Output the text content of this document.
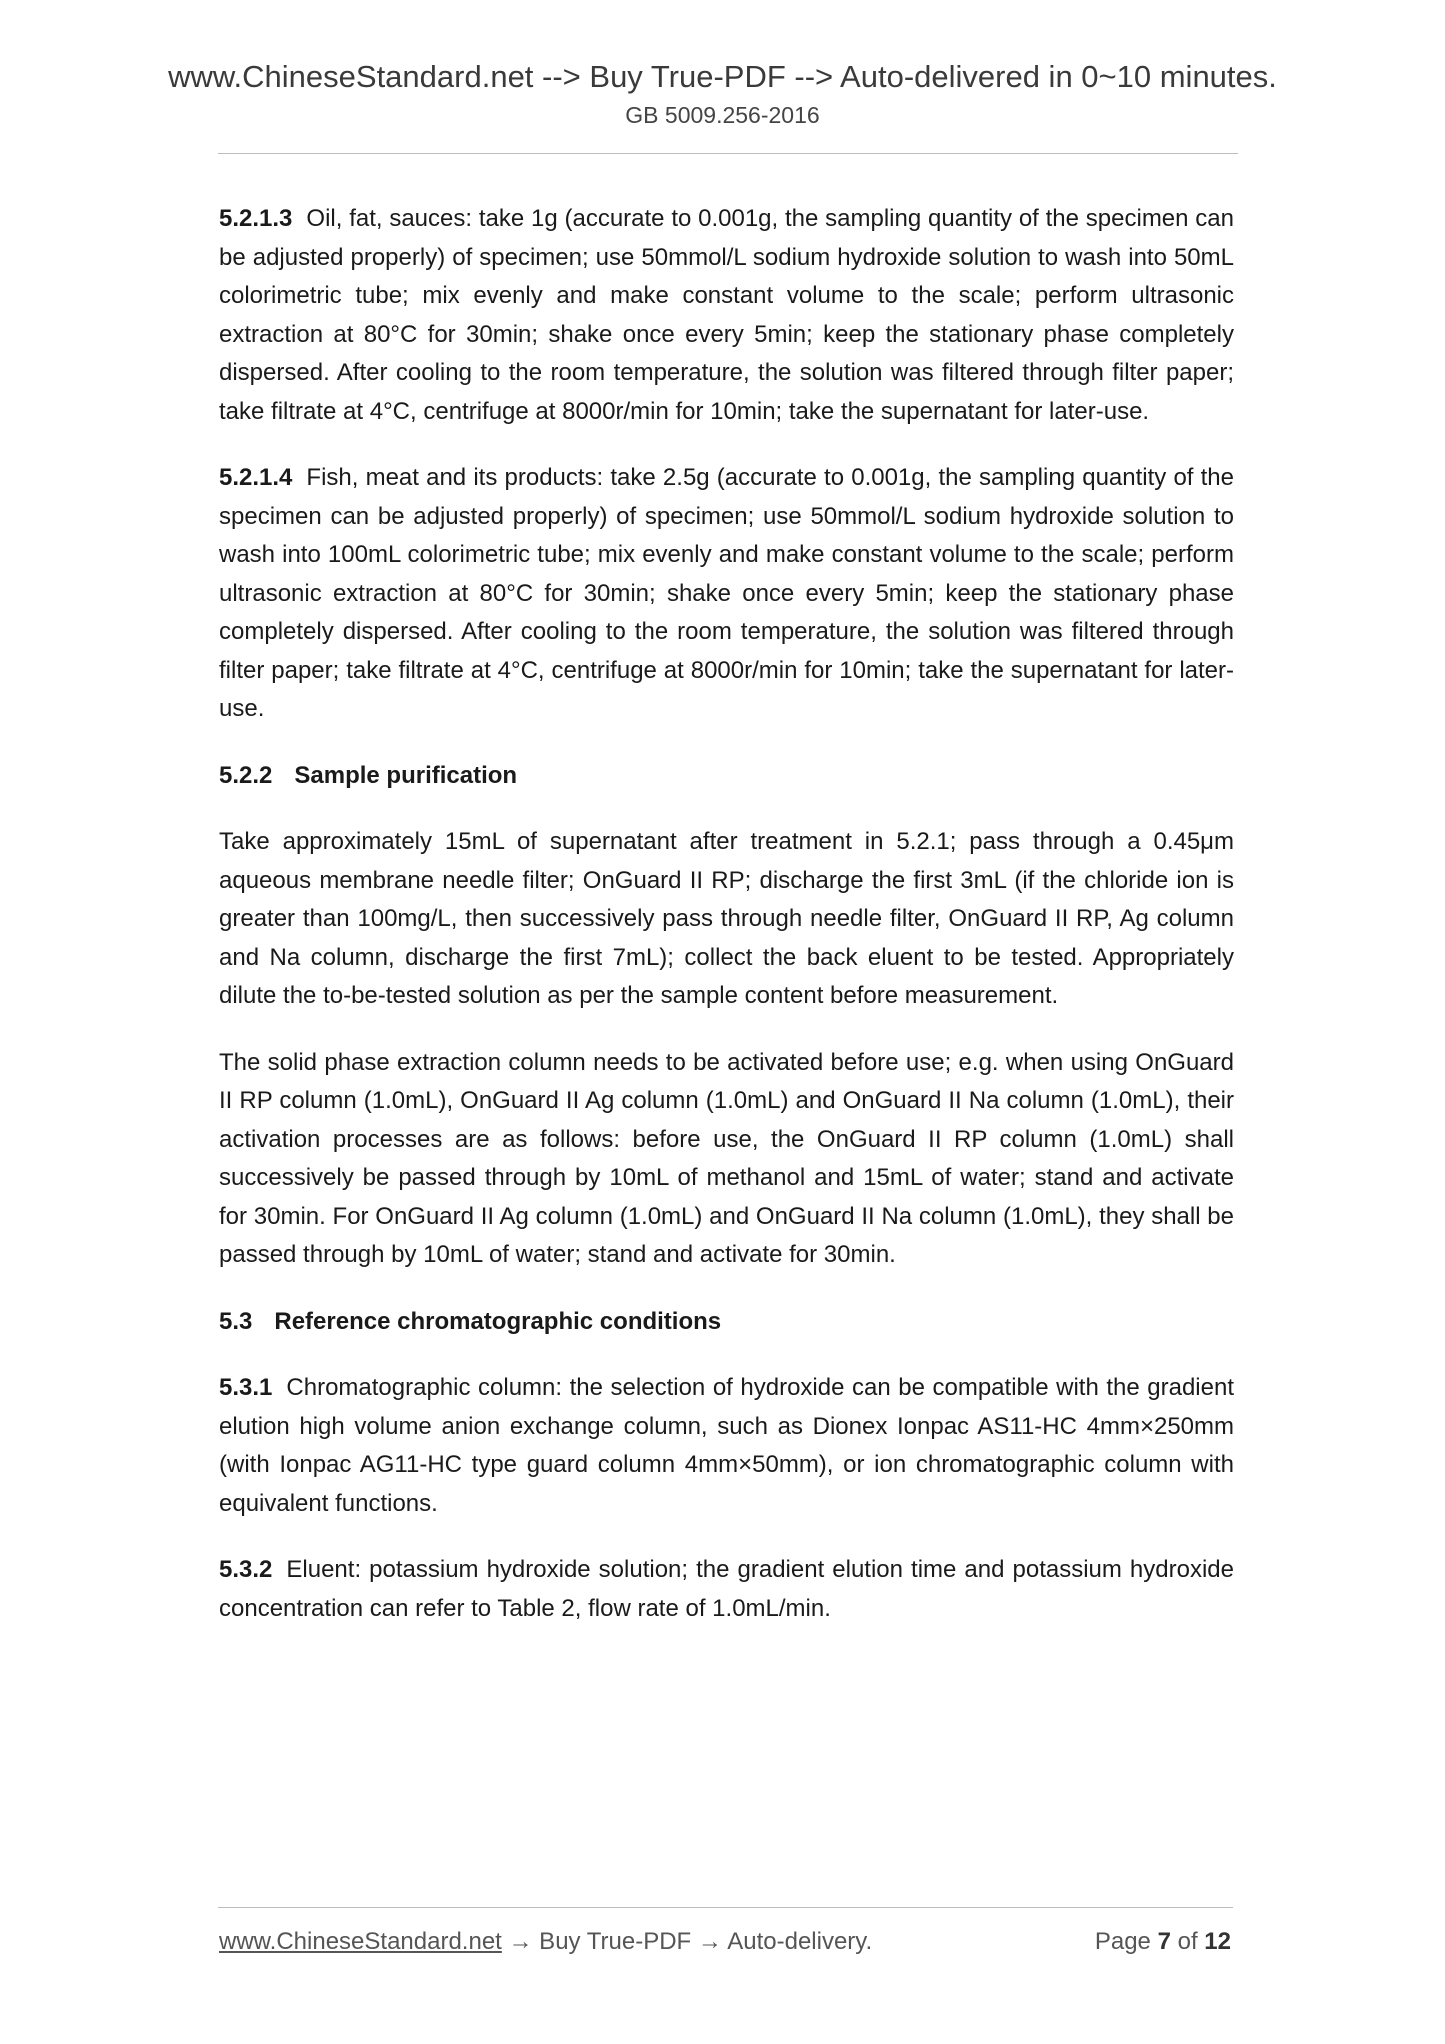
www.ChineseStandard.net --> Buy True-PDF --> Auto-delivered in 0~10 minutes.
GB 5009.256-2016

5.2.1.3 Oil, fat, sauces: take 1g (accurate to 0.001g, the sampling quantity of the specimen can be adjusted properly) of specimen; use 50mmol/L sodium hydroxide solution to wash into 50mL colorimetric tube; mix evenly and make constant volume to the scale; perform ultrasonic extraction at 80°C for 30min; shake once every 5min; keep the stationary phase completely dispersed. After cooling to the room temperature, the solution was filtered through filter paper; take filtrate at 4°C, centrifuge at 8000r/min for 10min; take the supernatant for later-use.

5.2.1.4 Fish, meat and its products: take 2.5g (accurate to 0.001g, the sampling quantity of the specimen can be adjusted properly) of specimen; use 50mmol/L sodium hydroxide solution to wash into 100mL colorimetric tube; mix evenly and make constant volume to the scale; perform ultrasonic extraction at 80°C for 30min; shake once every 5min; keep the stationary phase completely dispersed. After cooling to the room temperature, the solution was filtered through filter paper; take filtrate at 4°C, centrifuge at 8000r/min for 10min; take the supernatant for later-use.

5.2.2 Sample purification

Take approximately 15mL of supernatant after treatment in 5.2.1; pass through a 0.45μm aqueous membrane needle filter; OnGuard II RP; discharge the first 3mL (if the chloride ion is greater than 100mg/L, then successively pass through needle filter, OnGuard II RP, Ag column and Na column, discharge the first 7mL); collect the back eluent to be tested. Appropriately dilute the to-be-tested solution as per the sample content before measurement.

The solid phase extraction column needs to be activated before use; e.g. when using OnGuard II RP column (1.0mL), OnGuard II Ag column (1.0mL) and OnGuard II Na column (1.0mL), their activation processes are as follows: before use, the OnGuard II RP column (1.0mL) shall successively be passed through by 10mL of methanol and 15mL of water; stand and activate for 30min. For OnGuard II Ag column (1.0mL) and OnGuard II Na column (1.0mL), they shall be passed through by 10mL of water; stand and activate for 30min.

5.3 Reference chromatographic conditions

5.3.1 Chromatographic column: the selection of hydroxide can be compatible with the gradient elution high volume anion exchange column, such as Dionex Ionpac AS11-HC 4mm×250mm (with Ionpac AG11-HC type guard column 4mm×50mm), or ion chromatographic column with equivalent functions.

5.3.2 Eluent: potassium hydroxide solution; the gradient elution time and potassium hydroxide concentration can refer to Table 2, flow rate of 1.0mL/min.

www.ChineseStandard.net → Buy True-PDF → Auto-delivery.	Page 7 of 12
